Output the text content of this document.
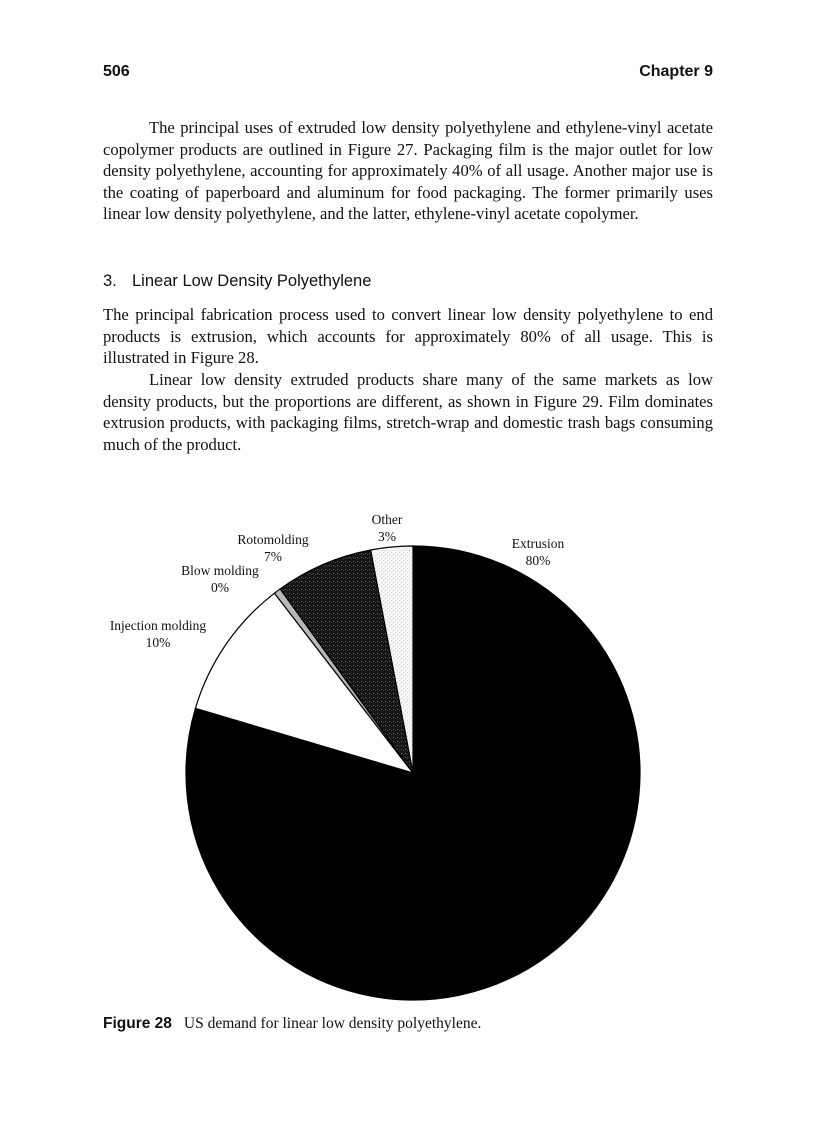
506	Chapter 9

The principal uses of extruded low density polyethylene and ethylene-vinyl acetate copolymer products are outlined in Figure 27. Packaging film is the major outlet for low density polyethylene, accounting for approximately 40% of all usage. Another major use is the coating of paperboard and aluminum for food packaging. The former primarily uses linear low density polyethylene, and the latter, ethylene-vinyl acetate copolymer.

3. Linear Low Density Polyethylene

The principal fabrication process used to convert linear low density polyethylene to end products is extrusion, which accounts for approximately 80% of all usage. This is illustrated in Figure 28.

Linear low density extruded products share many of the same markets as low density products, but the proportions are different, as shown in Figure 29. Film dominates extrusion products, with packaging films, stretch-wrap and domestic trash bags consuming much of the product.

Other
3%	Extrusion
80%
Rotomolding
7%
Blow molding
0%
Injection molding
10%
Figure 28 US demand for linear low density polyethylene.
